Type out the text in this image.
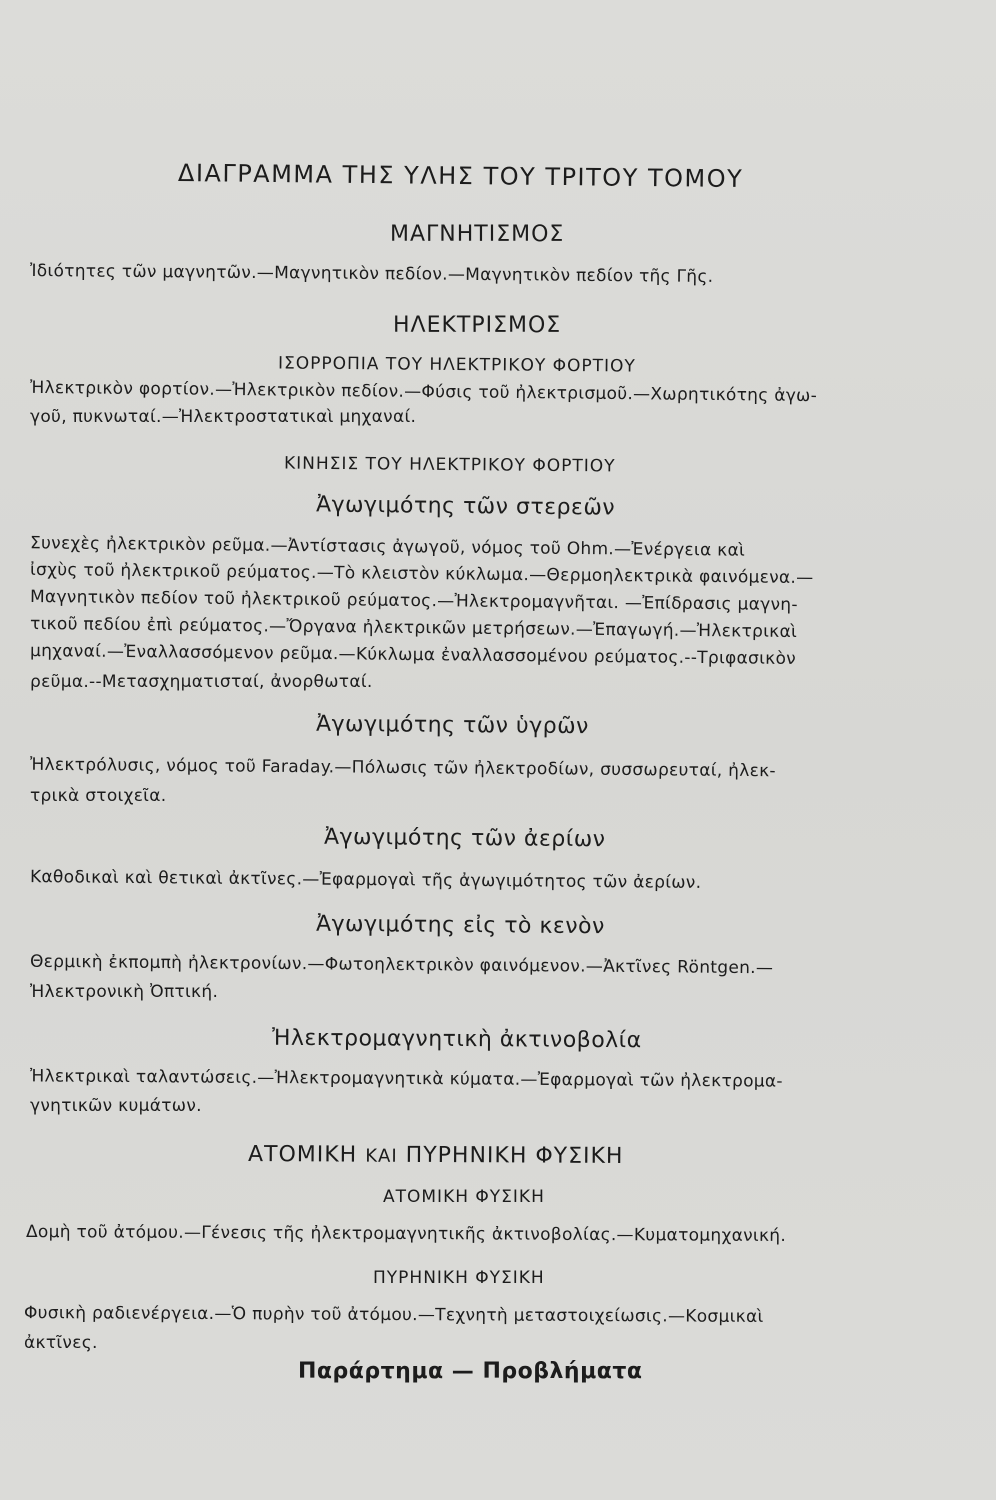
ΔΙΑΓΡΑΜΜΑ ΤΗΣ ΥΛΗΣ ΤΟΥ ΤΡΙΤΟΥ ΤΟΜΟΥ
ΜΑΓΝΗΤΙΣΜΟΣ
Ἰδιότητες τῶν μαγνητῶν.—Μαγνητικὸν πεδίον.—Μαγνητικὸν πεδίον τῆς Γῆς.
ΗΛΕΚΤΡΙΣΜΟΣ
ΙΣΟΡΡΟΠΙΑ ΤΟΥ ΗΛΕΚΤΡΙΚΟΥ ΦΟΡΤΙΟΥ
Ἠλεκτρικὸν φορτίον.—Ἠλεκτρικὸν πεδίον.—Φύσις τοῦ ἠλεκτρισμοῦ.—Χωρητικότης ἀγω-
γοῦ, πυκνωταί.—Ἠλεκτροστατικαὶ μηχαναί.
ΚΙΝΗΣΙΣ ΤΟΥ ΗΛΕΚΤΡΙΚΟΥ ΦΟΡΤΙΟΥ
Ἀγωγιμότης τῶν στερεῶν
Συνεχὲς ἠλεκτρικὸν ρεῦμα.—Ἀντίστασις ἀγωγοῦ, νόμος τοῦ Ohm.—Ἐνέργεια καὶ
ἰσχὺς τοῦ ἠλεκτρικοῦ ρεύματος.—Τὸ κλειστὸν κύκλωμα.—Θερμοηλεκτρικὰ φαινόμενα.—
Μαγνητικὸν πεδίον τοῦ ἠλεκτρικοῦ ρεύματος.—Ἠλεκτρομαγνῆται. —Ἐπίδρασις μαγνη-
τικοῦ πεδίου ἐπὶ ρεύματος.—Ὄργανα ἠλεκτρικῶν μετρήσεων.—Ἐπαγωγή.—Ἠλεκτρικαὶ
μηχαναί.—Ἐναλλασσόμενον ρεῦμα.—Κύκλωμα ἐναλλασσομένου ρεύματος.--Τριφασικὸν
ρεῦμα.--Μετασχηματισταί, ἀνορθωταί.
Ἀγωγιμότης τῶν ὑγρῶν
Ἠλεκτρόλυσις, νόμος τοῦ Faraday.—Πόλωσις τῶν ἠλεκτροδίων, συσσωρευταί, ἠλεκ-
τρικὰ στοιχεῖα.
Ἀγωγιμότης τῶν ἀερίων
Καθοδικαὶ καὶ θετικαὶ ἀκτῖνες.—Ἐφαρμογαὶ τῆς ἀγωγιμότητος τῶν ἀερίων.
Ἀγωγιμότης εἰς τὸ κενὸν
Θερμικὴ ἐκπομπὴ ἠλεκτρονίων.—Φωτοηλεκτρικὸν φαινόμενον.—Ἀκτῖνες Röntgen.—
Ἠλεκτρονικὴ Ὀπτική.
Ἠλεκτρομαγνητικὴ ἀκτινοβολία
Ἠλεκτρικαὶ ταλαντώσεις.—Ἠλεκτρομαγνητικὰ κύματα.—Ἐφαρμογαὶ τῶν ἠλεκτρομα-
γνητικῶν κυμάτων.
ΑΤΟΜΙΚΗ ΚΑΙ ΠΥΡΗΝΙΚΗ ΦΥΣΙΚΗ
ΑΤΟΜΙΚΗ ΦΥΣΙΚΗ
Δομὴ τοῦ ἀτόμου.—Γένεσις τῆς ἠλεκτρομαγνητικῆς ἀκτινοβολίας.—Κυματομηχανική.
ΠΥΡΗΝΙΚΗ ΦΥΣΙΚΗ
Φυσικὴ ραδιενέργεια.—Ὁ πυρὴν τοῦ ἀτόμου.—Τεχνητὴ μεταστοιχείωσις.—Κοσμικαὶ
ἀκτῖνες.
Παράρτημα — Προβλήματα
